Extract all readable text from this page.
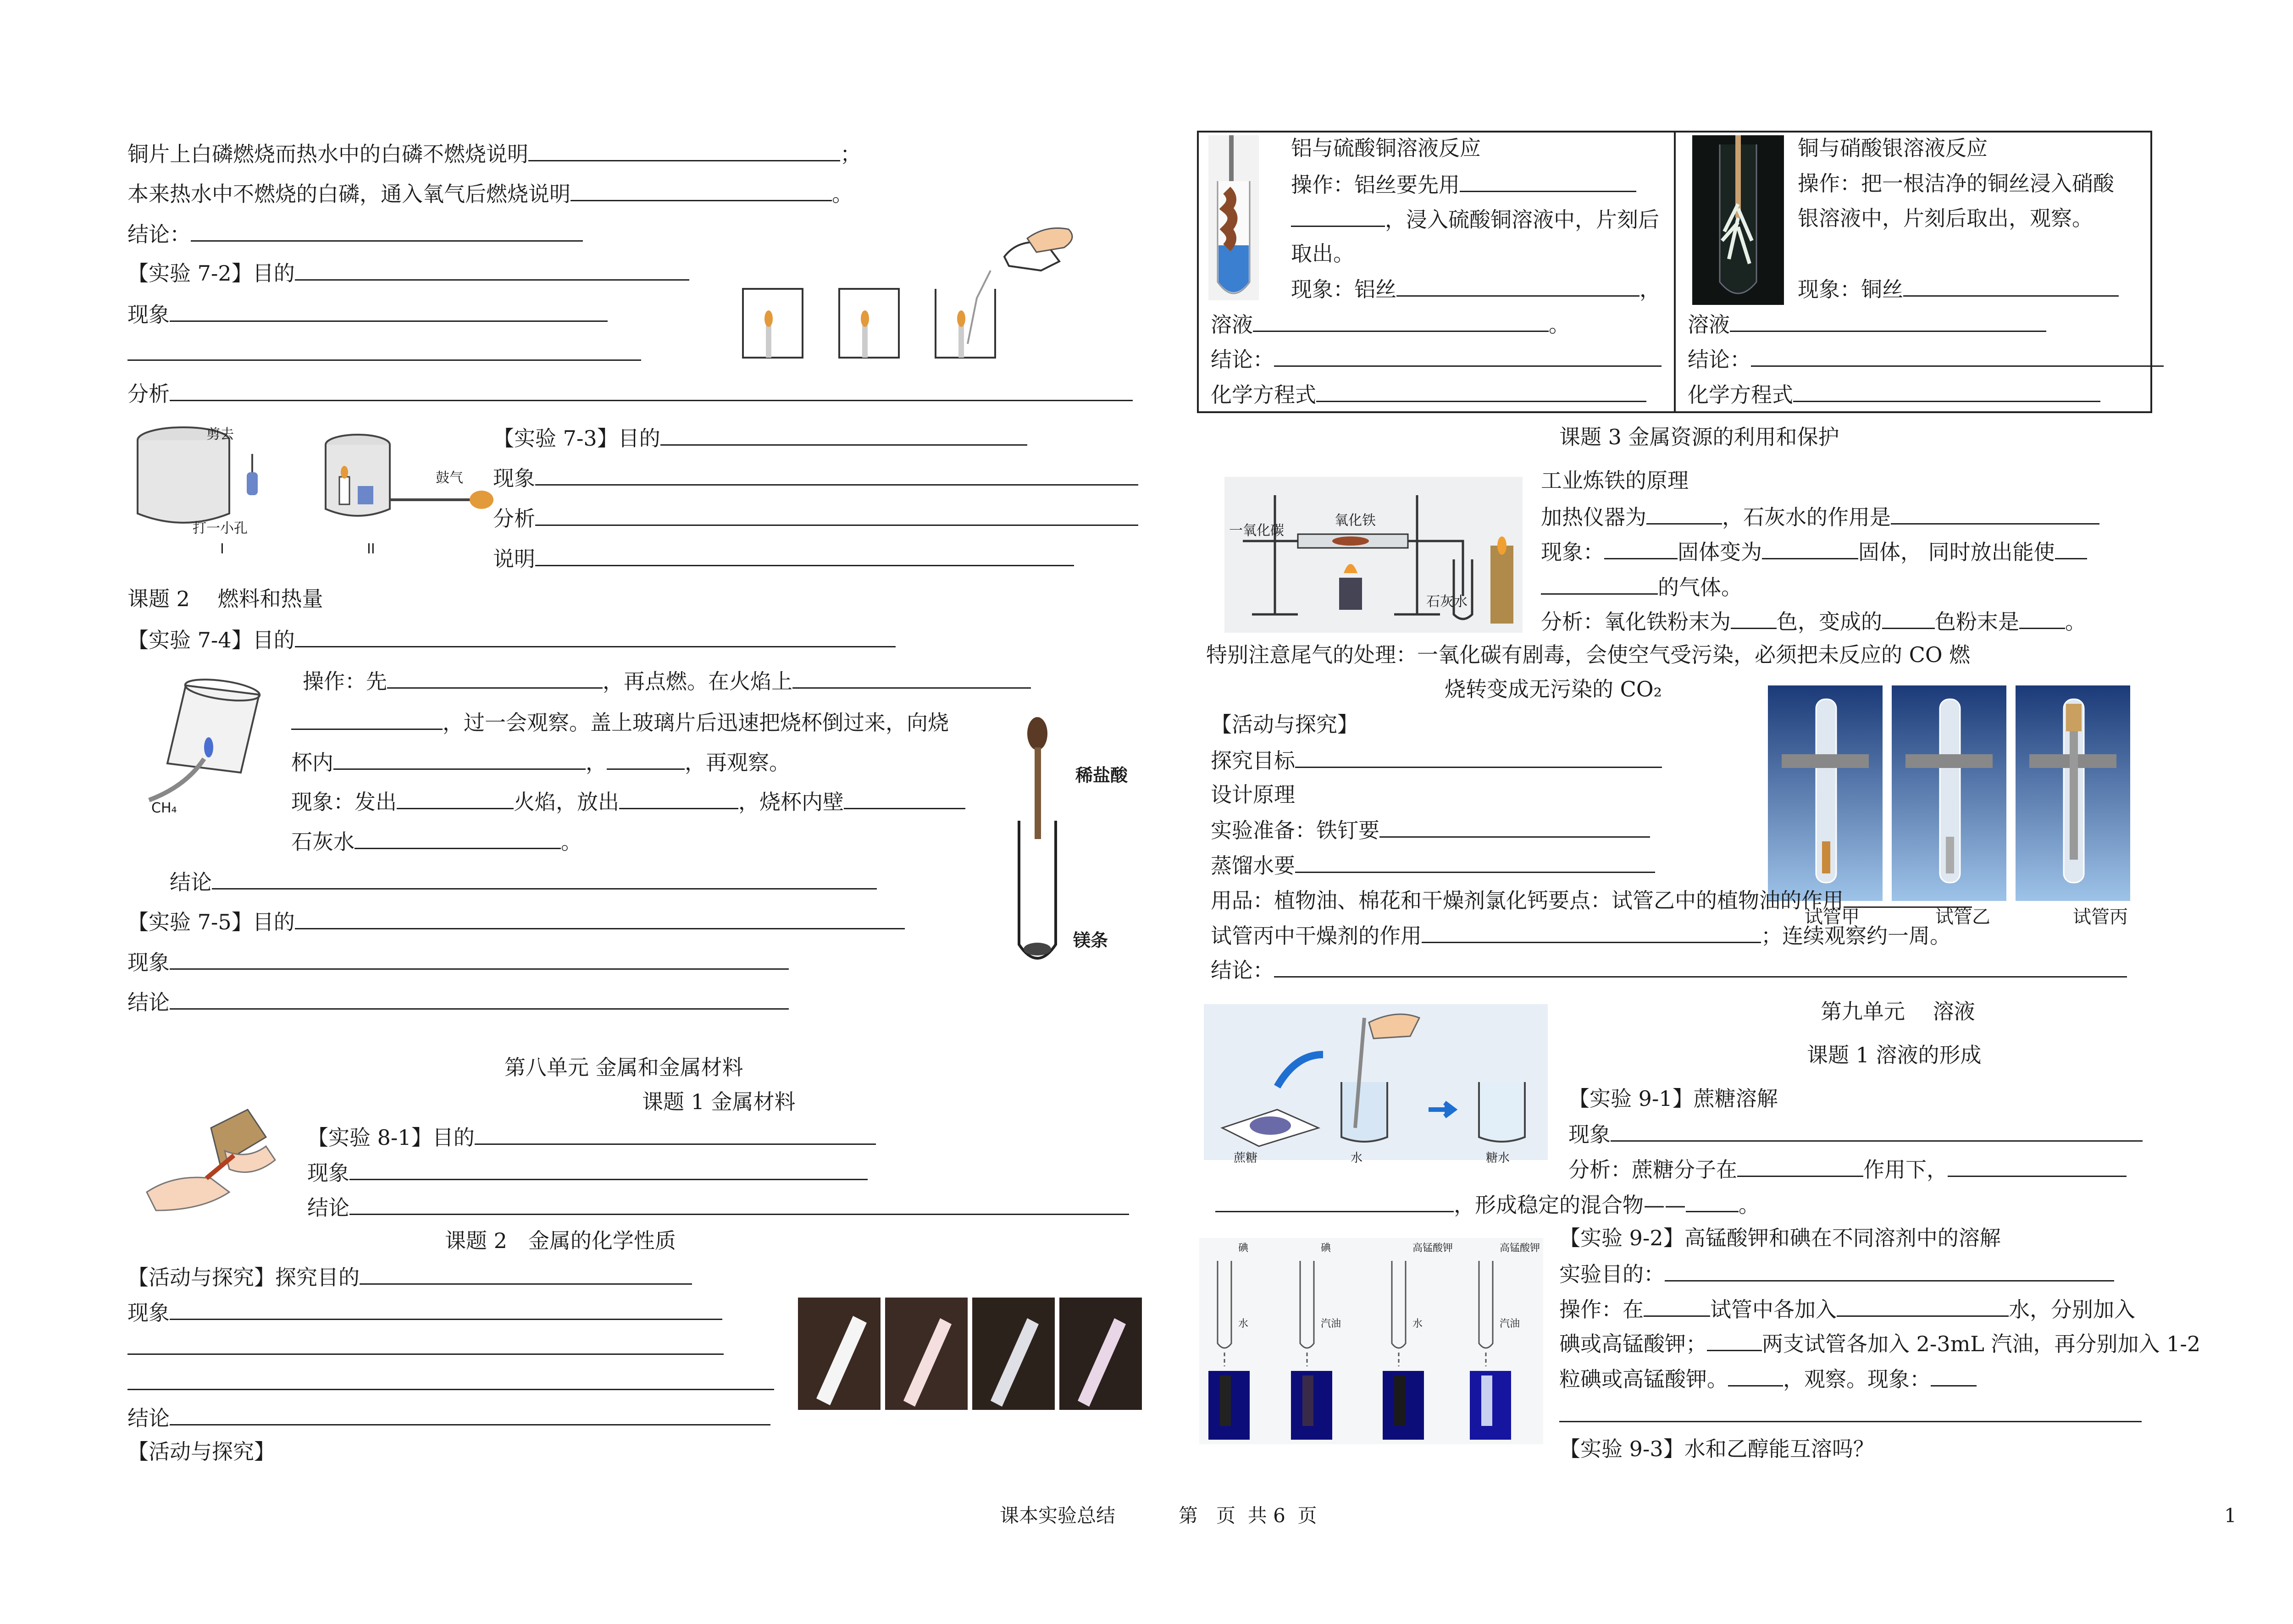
铜片上白磷燃烧而热水中的白磷不燃烧说明	；
本来热水中不燃烧的白磷，通入氧气后燃烧说明	。
结论：
【实验 7-2】目的
现象
分析
剪去
打一小孔
I	II
鼓气
【实验 7-3】目的
现象
分析
说明
课题 2　 燃料和热量
【实验 7-4】目的
CH₄
操作：先	，再点燃。在火焰上
，过一会观察。盖上玻璃片后迅速把烧杯倒过来，向烧
杯内	，	，再观察。
现象：发出	火焰，放出	，烧杯内壁
石灰水	。
结论
稀盐酸
镁条
【实验 7-5】目的
现象
结论
第八单元 金属和金属材料
课题 1 金属材料
【实验 8-1】目的
现象
结论
课题 2　金属的化学性质
【活动与探究】探究目的
现象
结论
【活动与探究】
铝与硫酸铜溶液反应
操作：铝丝要先用
，浸入硫酸铜溶液中，片刻后
取出。
现象：铝丝	，
溶液	。
结论：
化学方程式
铜与硝酸银溶液反应
操作：把一根洁净的铜丝浸入硝酸
银溶液中，片刻后取出，观察。
现象：铜丝
溶液
结论：
化学方程式
课题 3 金属资源的利用和保护
一氧化碳
氧化铁
石灰水
工业炼铁的原理
加热仪器为	，石灰水的作用是
现象：	固体变为	固体， 同时放出能使
的气体。
分析：氧化铁粉末为 色，变成的	色粉末是 。
特别注意尾气的处理：一氧化碳有剧毒，会使空气受污染，必须把未反应的 CO 燃
烧转变成无污染的 CO₂
试管甲	试管乙	试管丙
【活动与探究】
探究目标
设计原理
实验准备：铁钉要
蒸馏水要
用品：植物油、棉花和干燥剂氯化钙要点：试管乙中的植物油的作用
试管丙中干燥剂的作用	；连续观察约一周。
结论：
蔗糖	水	糖水
第九单元　 溶液
课题 1 溶液的形成
【实验 9-1】蔗糖溶解
现象
分析：蔗糖分子在	作用下，
，形成稳定的混合物——	。
碘	碘	高锰酸钾	高锰酸钾
水	汽油	水	汽油
【实验 9-2】高锰酸钾和碘在不同溶剂中的溶解
实验目的：
操作：在	试管中各加入	水，分别加入
碘或高锰酸钾；	两支试管各加入 2-3mL 汽油，再分别加入 1-2
粒碘或高锰酸钾。	，观察。现象：
【实验 9-3】水和乙醇能互溶吗？
课本实验总结	第   页  共 6  页	1
